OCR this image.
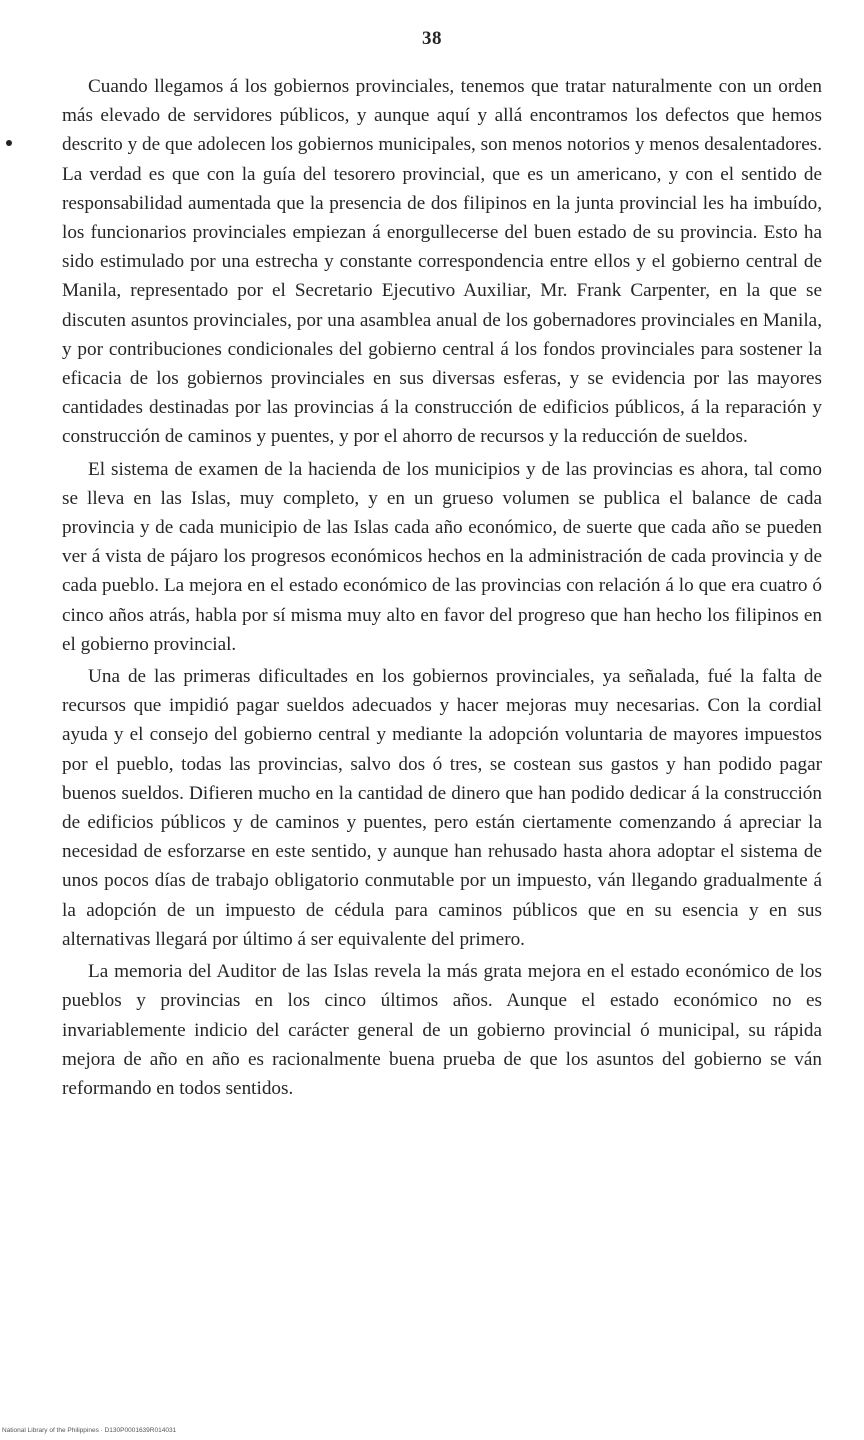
38

Cuando llegamos á los gobiernos provinciales, tenemos que tratar naturalmente con un orden más elevado de servidores públicos, y aunque aquí y allá encontramos los defectos que hemos descrito y de que adolecen los gobiernos municipales, son menos notorios y menos desalentadores. La verdad es que con la guía del tesorero provincial, que es un americano, y con el sentido de responsabilidad aumentada que la presencia de dos filipinos en la junta provincial les ha imbuído, los funcionarios provinciales empiezan á enorgullecerse del buen estado de su provincia. Esto ha sido estimulado por una estrecha y constante correspondencia entre ellos y el gobierno central de Manila, representado por el Secretario Ejecutivo Auxiliar, Mr. Frank Carpenter, en la que se discuten asuntos provinciales, por una asamblea anual de los gobernadores provinciales en Manila, y por contribuciones condicionales del gobierno central á los fondos provinciales para sostener la eficacia de los gobiernos provinciales en sus diversas esferas, y se evidencia por las mayores cantidades destinadas por las provincias á la construcción de edificios públicos, á la reparación y construcción de caminos y puentes, y por el ahorro de recursos y la reducción de sueldos.

El sistema de examen de la hacienda de los municipios y de las provincias es ahora, tal como se lleva en las Islas, muy completo, y en un grueso volumen se publica el balance de cada provincia y de cada municipio de las Islas cada año económico, de suerte que cada año se pueden ver á vista de pájaro los progresos económicos hechos en la administración de cada provincia y de cada pueblo. La mejora en el estado económico de las provincias con relación á lo que era cuatro ó cinco años atrás, habla por sí misma muy alto en favor del progreso que han hecho los filipinos en el gobierno provincial.

Una de las primeras dificultades en los gobiernos provinciales, ya señalada, fué la falta de recursos que impidió pagar sueldos adecuados y hacer mejoras muy necesarias. Con la cordial ayuda y el consejo del gobierno central y mediante la adopción voluntaria de mayores impuestos por el pueblo, todas las provincias, salvo dos ó tres, se costean sus gastos y han podido pagar buenos sueldos. Difieren mucho en la cantidad de dinero que han podido dedicar á la construcción de edificios públicos y de caminos y puentes, pero están ciertamente comenzando á apreciar la necesidad de esforzarse en este sentido, y aunque han rehusado hasta ahora adoptar el sistema de unos pocos días de trabajo obligatorio conmutable por un impuesto, ván llegando gradualmente á la adopción de un impuesto de cédula para caminos públicos que en su esencia y en sus alternativas llegará por último á ser equivalente del primero.

La memoria del Auditor de las Islas revela la más grata mejora en el estado económico de los pueblos y provincias en los cinco últimos años. Aunque el estado económico no es invariablemente indicio del carácter general de un gobierno provincial ó municipal, su rápida mejora de año en año es racionalmente buena prueba de que los asuntos del gobierno se ván reformando en todos sentidos.

National Library of the Philippines · D130P0001639R014031
